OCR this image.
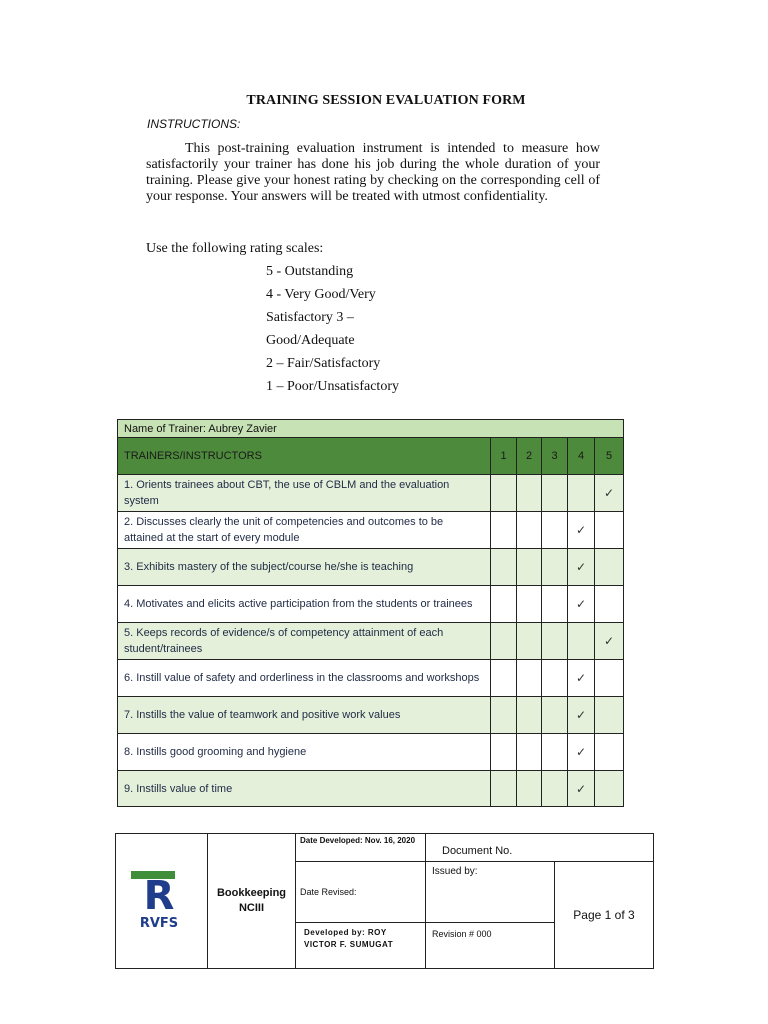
TRAINING SESSION EVALUATION FORM
INSTRUCTIONS:
This post-training evaluation instrument is intended to measure how satisfactorily your trainer has done his job during the whole duration of your training. Please give your honest rating by checking on the corresponding cell of your response. Your answers will be treated with utmost confidentiality.
Use the following rating scales:
5 - Outstanding
4 - Very Good/Very
Satisfactory 3 –
Good/Adequate
2 – Fair/Satisfactory
1 – Poor/Unsatisfactory
Name of Trainer: Aubrey Zavier					
TRAINERS/INSTRUCTORS	1	2	3	4	5
1. Orients trainees about CBT, the use of CBLM and the evaluation system					✓
2. Discusses clearly the unit of competencies and outcomes to be attained at the start of every module				✓	
3. Exhibits mastery of the subject/course he/she is teaching				✓	
4. Motivates and elicits active participation from the students or trainees				✓	
5. Keeps records of evidence/s of competency attainment of each student/trainees					✓
6. Instill value of safety and orderliness in the classrooms and workshops				✓	
7. Instills the value of teamwork and positive work values				✓	
8. Instills good grooming and hygiene				✓	
9. Instills value of time				✓	
R
RVFS	Bookkeeping NCIII	Date Developed: Nov. 16, 2020	Document No.	
		Date Revised:	Issued by:	Page 1 of 3
		Developed by: ROY VICTOR F. SUMUGAT	Revision # 000	
